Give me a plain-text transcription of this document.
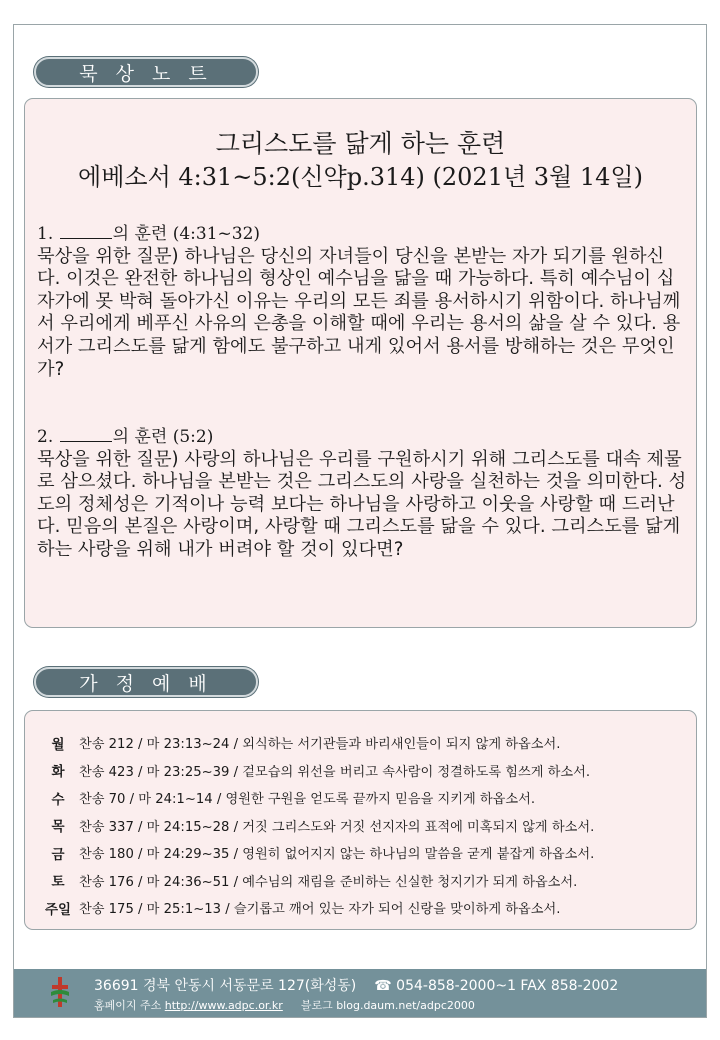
묵 상 노 트
그리스도를 닮게 하는 훈련
에베소서 4:31~5:2(신약p.314) (2021년 3월 14일)
1.	의 훈련 (4:31~32)
묵상을 위한 질문) 하나님은 당신의 자녀들이 당신을 본받는 자가 되기를 원하신다. 이것은 완전한 하나님의 형상인 예수님을 닮을 때 가능하다. 특히 예수님이 십자가에 못 박혀 돌아가신 이유는 우리의 모든 죄를 용서하시기 위함이다. 하나님께서 우리에게 베푸신 사유의 은총을 이해할 때에 우리는 용서의 삶을 살 수 있다. 용서가 그리스도를 닮게 함에도 불구하고 내게 있어서 용서를 방해하는 것은 무엇인가?
2.	의 훈련 (5:2)
묵상을 위한 질문) 사랑의 하나님은 우리를 구원하시기 위해 그리스도를 대속 제물로 삼으셨다. 하나님을 본받는 것은 그리스도의 사랑을 실천하는 것을 의미한다. 성도의 정체성은 기적이나 능력 보다는 하나님을 사랑하고 이웃을 사랑할 때 드러난다. 믿음의 본질은 사랑이며, 사랑할 때 그리스도를 닮을 수 있다. 그리스도를 닮게 하는 사랑을 위해 내가 버려야 할 것이 있다면?
가 정 예 배
월	찬송 212 / 마 23:13~24 / 외식하는 서기관들과 바리새인들이 되지 않게 하옵소서.
화	찬송 423 / 마 23:25~39 / 겉모습의 위선을 버리고 속사람이 정결하도록 힘쓰게 하소서.
수	찬송 70 / 마 24:1~14 / 영원한 구원을 얻도록 끝까지 믿음을 지키게 하옵소서.
목	찬송 337 / 마 24:15~28 / 거짓 그리스도와 거짓 선지자의 표적에 미혹되지 않게 하소서.
금	찬송 180 / 마 24:29~35 / 영원히 없어지지 않는 하나님의 말씀을 굳게 붙잡게 하옵소서.
토	찬송 176 / 마 24:36~51 / 예수님의 재림을 준비하는 신실한 청지기가 되게 하옵소서.
주일 찬송 175 / 마 25:1~13 / 슬기롭고 깨어 있는 자가 되어 신랑을 맞이하게 하옵소서.
36691 경북 안동시 서동문로 127(화성동) ☎ 054-858-2000~1 FAX 858-2002
홈페이지 주소 http://www.adpc.or.kr 블로그 blog.daum.net/adpc2000
